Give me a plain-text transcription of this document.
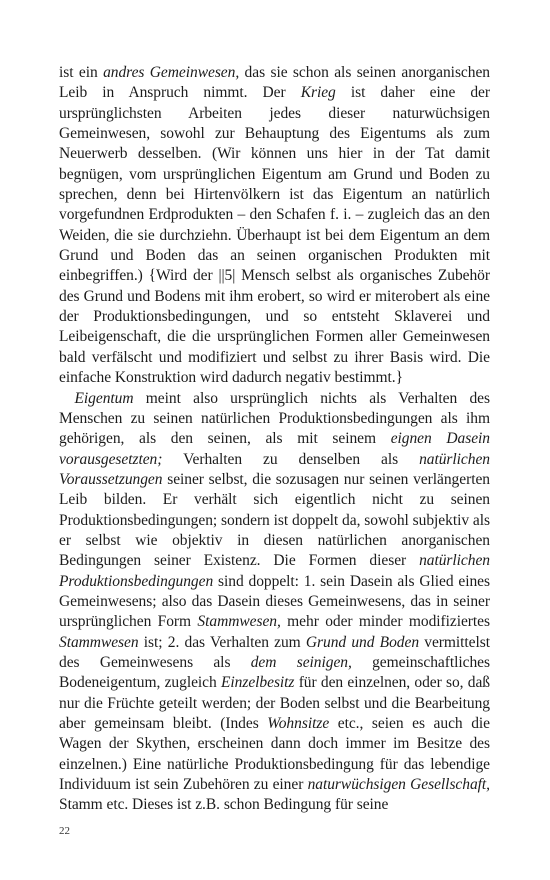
ist ein andres Gemeinwesen, das sie schon als seinen anorganischen Leib in Anspruch nimmt. Der Krieg ist daher eine der ursprünglichsten Arbeiten jedes dieser naturwüchsigen Gemeinwesen, sowohl zur Behauptung des Eigentums als zum Neuerwerb desselben. (Wir können uns hier in der Tat damit begnügen, vom ursprünglichen Eigentum am Grund und Boden zu sprechen, denn bei Hirtenvölkern ist das Eigentum an natürlich vorgefundnen Erdprodukten – den Schafen f. i. – zugleich das an den Weiden, die sie durchziehn. Überhaupt ist bei dem Eigentum an dem Grund und Boden das an seinen organischen Produkten mit einbegriffen.) {Wird der ||5| Mensch selbst als organisches Zubehör des Grund und Bodens mit ihm erobert, so wird er miterobert als eine der Produktionsbedingungen, und so entsteht Sklaverei und Leibeigenschaft, die die ursprünglichen Formen aller Gemeinwesen bald verfälscht und modifiziert und selbst zu ihrer Basis wird. Die einfache Konstruktion wird dadurch negativ bestimmt.}

Eigentum meint also ursprünglich nichts als Verhalten des Menschen zu seinen natürlichen Produktionsbedingungen als ihm gehörigen, als den seinen, als mit seinem eignen Dasein vorausgesetzten; Verhalten zu denselben als natürlichen Voraussetzungen seiner selbst, die sozusagen nur seinen verlängerten Leib bilden. Er verhält sich eigentlich nicht zu seinen Produktionsbedingungen; sondern ist doppelt da, sowohl subjektiv als er selbst wie objektiv in diesen natürlichen anorganischen Bedingungen seiner Existenz. Die Formen dieser natürlichen Produktionsbedingungen sind doppelt: 1. sein Dasein als Glied eines Gemeinwesens; also das Dasein dieses Gemeinwesens, das in seiner ursprünglichen Form Stammwesen, mehr oder minder modifiziertes Stammwesen ist; 2. das Verhalten zum Grund und Boden vermittelst des Gemeinwesens als dem seinigen, gemeinschaftliches Bodeneigentum, zugleich Einzelbesitz für den einzelnen, oder so, daß nur die Früchte geteilt werden; der Boden selbst und die Bearbeitung aber gemeinsam bleibt. (Indes Wohnsitze etc., seien es auch die Wagen der Skythen, erscheinen dann doch immer im Besitze des einzelnen.) Eine natürliche Produktionsbedingung für das lebendige Individuum ist sein Zubehören zu einer naturwüchsigen Gesellschaft, Stamm etc. Dieses ist z.B. schon Bedingung für seine

22
